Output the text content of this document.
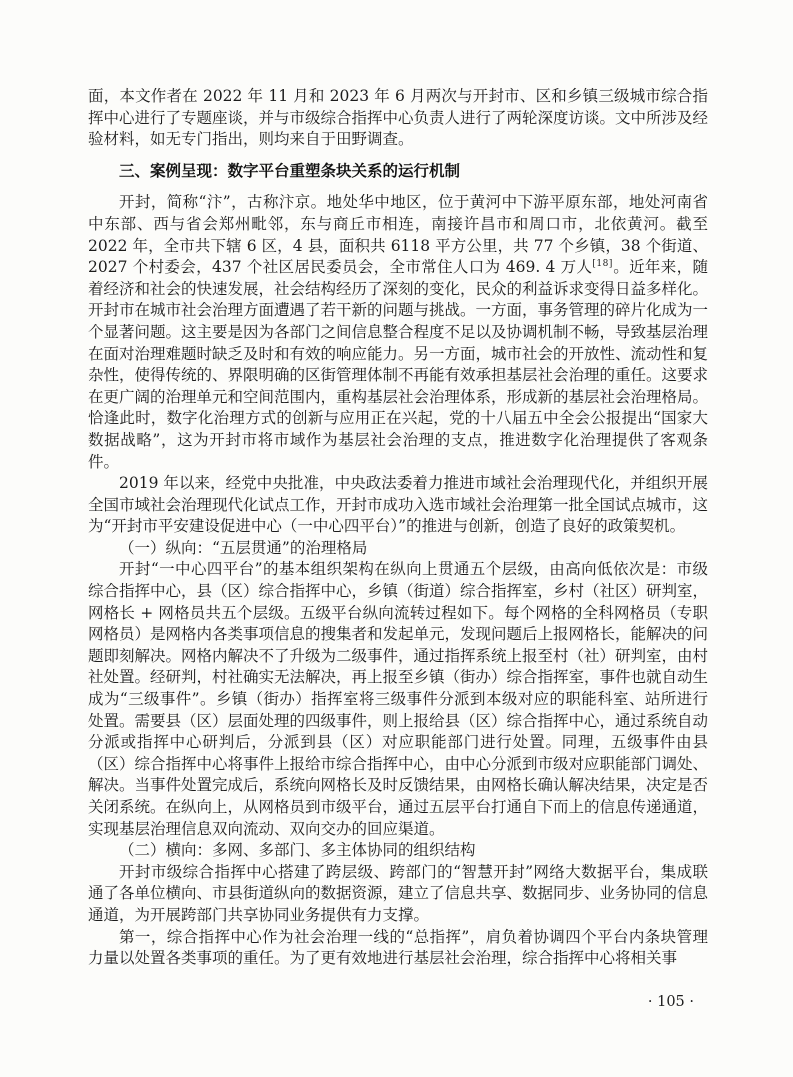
面，本文作者在 2022 年 11 月和 2023 年 6 月两次与开封市、区和乡镇三级城市综合指挥中心进行了专题座谈，并与市级综合指挥中心负责人进行了两轮深度访谈。文中所涉及经验材料，如无专门指出，则均来自于田野调查。

三、案例呈现：数字平台重塑条块关系的运行机制

开封，简称“汴”，古称汴京。地处华中地区，位于黄河中下游平原东部，地处河南省中东部、西与省会郑州毗邻，东与商丘市相连，南接许昌市和周口市，北依黄河。截至 2022 年，全市共下辖 6 区，4 县，面积共 6118 平方公里，共 77 个乡镇，38 个街道、2027 个村委会，437 个社区居民委员会，全市常住人口为 469. 4 万人[18]。近年来，随着经济和社会的快速发展，社会结构经历了深刻的变化，民众的利益诉求变得日益多样化。开封市在城市社会治理方面遭遇了若干新的问题与挑战。一方面，事务管理的碎片化成为一个显著问题。这主要是因为各部门之间信息整合程度不足以及协调机制不畅，导致基层治理在面对治理难题时缺乏及时和有效的响应能力。另一方面，城市社会的开放性、流动性和复杂性，使得传统的、界限明确的区街管理体制不再能有效承担基层社会治理的重任。这要求在更广阔的治理单元和空间范围内，重构基层社会治理体系，形成新的基层社会治理格局。恰逢此时，数字化治理方式的创新与应用正在兴起，党的十八届五中全会公报提出“国家大数据战略”，这为开封市将市域作为基层社会治理的支点，推进数字化治理提供了客观条件。

2019 年以来，经党中央批准，中央政法委着力推进市域社会治理现代化，并组织开展全国市域社会治理现代化试点工作，开封市成功入选市域社会治理第一批全国试点城市，这为“开封市平安建设促进中心（一中心四平台）”的推进与创新，创造了良好的政策契机。

（一）纵向：“五层贯通”的治理格局

开封“一中心四平台”的基本组织架构在纵向上贯通五个层级，由高向低依次是：市级综合指挥中心，县（区）综合指挥中心，乡镇（街道）综合指挥室，乡村（社区）研判室，网格长 + 网格员共五个层级。五级平台纵向流转过程如下。每个网格的全科网格员（专职网格员）是网格内各类事项信息的搜集者和发起单元，发现问题后上报网格长，能解决的问题即刻解决。网格内解决不了升级为二级事件，通过指挥系统上报至村（社）研判室，由村社处置。经研判，村社确实无法解决，再上报至乡镇（街办）综合指挥室，事件也就自动生成为“三级事件”。乡镇（街办）指挥室将三级事件分派到本级对应的职能科室、站所进行处置。需要县（区）层面处理的四级事件，则上报给县（区）综合指挥中心，通过系统自动分派或指挥中心研判后，分派到县（区）对应职能部门进行处置。同理，五级事件由县（区）综合指挥中心将事件上报给市综合指挥中心，由中心分派到市级对应职能部门调处、解决。当事件处置完成后，系统向网格长及时反馈结果，由网格长确认解决结果，决定是否关闭系统。在纵向上，从网格员到市级平台，通过五层平台打通自下而上的信息传递通道，实现基层治理信息双向流动、双向交办的回应渠道。

（二）横向：多网、多部门、多主体协同的组织结构

开封市级综合指挥中心搭建了跨层级、跨部门的“智慧开封”网络大数据平台，集成联通了各单位横向、市县街道纵向的数据资源，建立了信息共享、数据同步、业务协同的信息通道，为开展跨部门共享协同业务提供有力支撑。

第一，综合指挥中心作为社会治理一线的“总指挥”，肩负着协调四个平台内条块管理力量以处置各类事项的重任。为了更有效地进行基层社会治理，综合指挥中心将相关事

· 105 ·
